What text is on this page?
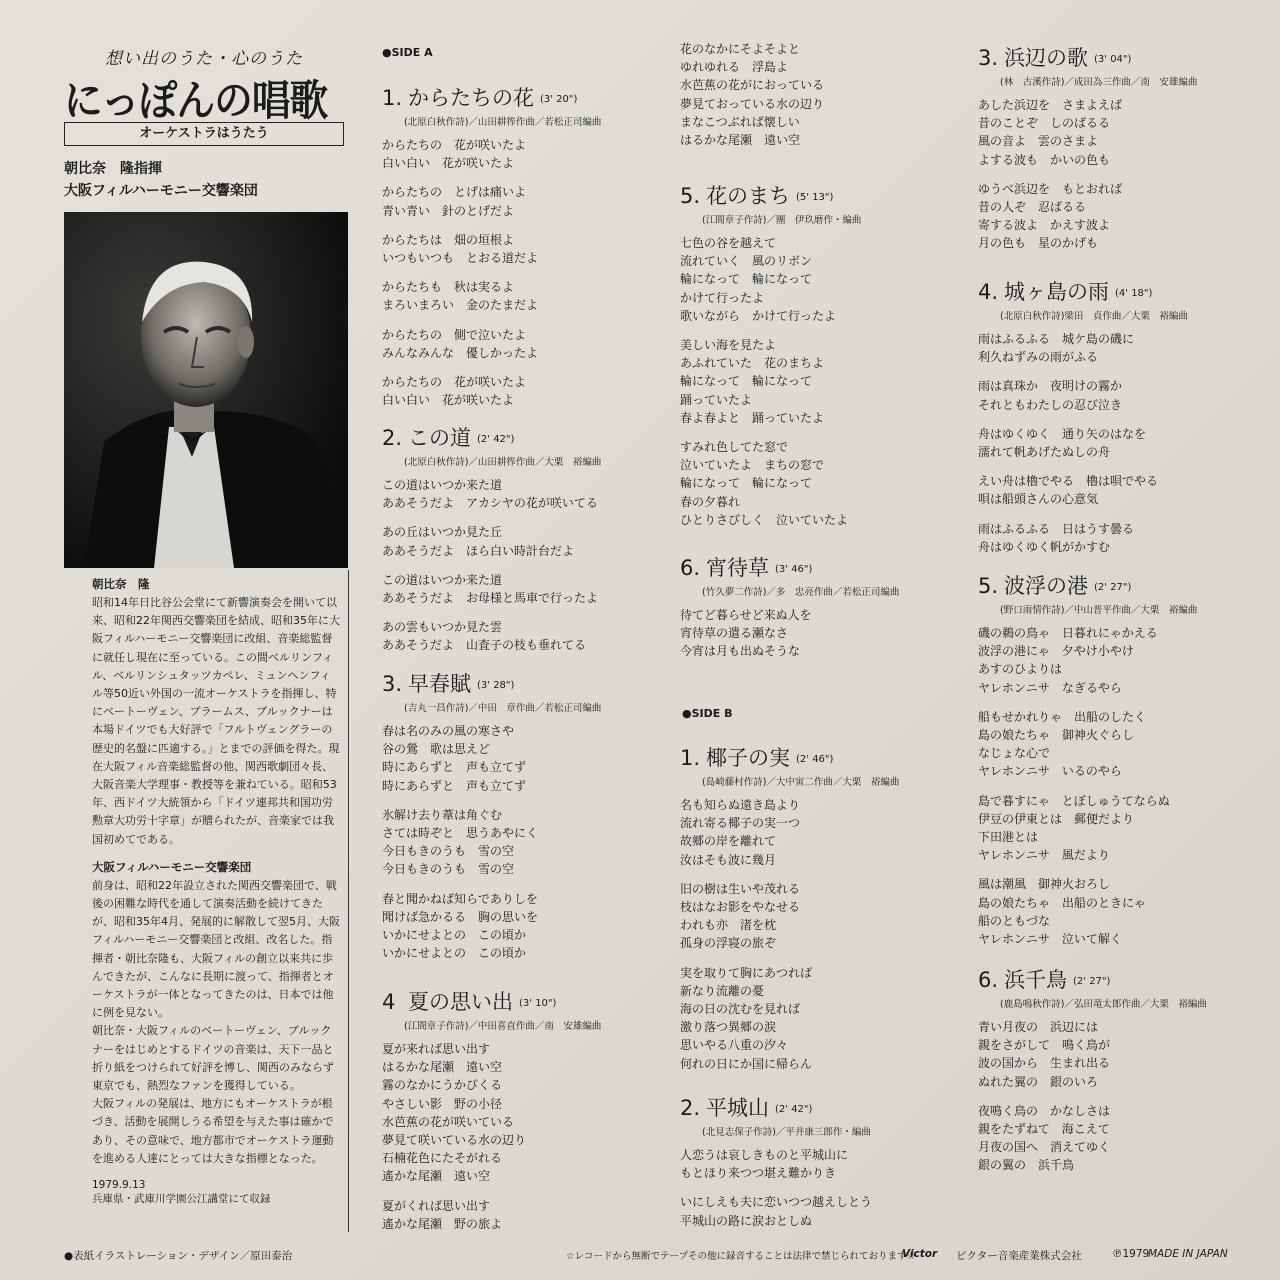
想い出のうた・心のうた
にっぽんの唱歌
オーケストラはうたう
朝比奈　隆指揮
大阪フィルハーモニー交響楽団
朝比奈　隆

昭和14年日比谷公会堂にて新響演奏会を開いて以来、昭和22年関西交響楽団を結成、昭和35年に大阪フィルハーモニー交響楽団に改組、音楽総監督に就任し現在に至っている。この間ベルリンフィル、ベルリンシュタッツカペレ、ミュンヘンフィル等50近い外国の一流オーケストラを指揮し、特にベートーヴェン、ブラームス、ブルックナーは本場ドイツでも大好評で「フルトヴェングラーの歴史的名盤に匹適する。」とまでの評価を得た。現在大阪フィル音楽総監督の他、関西歌劇団々長、大阪音楽大学理事・教授等を兼ねている。昭和53年、西ドイツ大統領から「ドイツ連邦共和国功労勲章大功労十字章」が贈られたが、音楽家では我国初めてである。

大阪フィルハーモニー交響楽団

前身は、昭和22年設立された関西交響楽団で、戦後の困難な時代を通して演奏活動を続けてきたが、昭和35年4月、発展的に解散して翌5月、大阪フィルハーモニー交響楽団と改組、改名した。指揮者・朝比奈隆も、大阪フィルの創立以来共に歩んできたが、こんなに長期に渡って、指揮者とオーケストラが一体となってきたのは、日本では他に例を見ない。

朝比奈・大阪フィルのベートーヴェン、ブルックナーをはじめとするドイツの音楽は、天下一品と折り紙をつけられて好評を博し、関西のみならず東京でも、熱烈なファンを獲得している。

大阪フィルの発展は、地方にもオーケストラが根づき、活動を展開しうる希望を与えた事は確かであり、その意味で、地方都市でオーケストラ運動を進める人達にとっては大きな指標となった。

1979.9.13
兵庫県・武庫川学園公江講堂にて収録
●SIDE A
●SIDE B
1. からたちの花 (3' 20")
(北原白秋作詩)／山田耕筰作曲／若松正司編曲
からたちの　花が咲いたよ
白い白い　花が咲いたよ
からたちの　とげは痛いよ
青い青い　針のとげだよ
からたちは　畑の垣根よ
いつもいつも　とおる道だよ
からたちも　秋は実るよ
まろいまろい　金のたまだよ
からたちの　側で泣いたよ
みんなみんな　優しかったよ
からたちの　花が咲いたよ
白い白い　花が咲いたよ
2. この道 (2' 42")
(北原白秋作詩)／山田耕筰作曲／大栗　裕編曲
この道はいつか来た道
ああそうだよ　アカシヤの花が咲いてる
あの丘はいつか見た丘
ああそうだよ　ほら白い時計台だよ
この道はいつか来た道
ああそうだよ　お母様と馬車で行ったよ
あの雲もいつか見た雲
ああそうだよ　山査子の枝も垂れてる
3. 早春賦 (3' 28")
(吉丸一昌作詩)／中田　章作曲／若松正司編曲
春は名のみの風の寒さや
谷の鶯　歌は思えど
時にあらずと　声も立てず
時にあらずと　声も立てず
氷解け去り葦は角ぐむ
さては時ぞと　思うあやにく
今日もきのうも　雪の空
今日もきのうも　雪の空
春と聞かねば知らでありしを
聞けば急かるる　胸の思いを
いかにせよとの　この頃か
いかにせよとの　この頃か
4 夏の思い出 (3' 10")
(江間章子作詩)／中田喜直作曲／南　安雄編曲
夏が来れば思い出す
はるかな尾瀬　遠い空
霧のなかにうかびくる
やさしい影　野の小径
水芭蕉の花が咲いている
夢見て咲いている水の辺り
石楠花色にたそがれる
遙かな尾瀬　遠い空
夏がくれば思い出す
遙かな尾瀬　野の旅よ
花のなかにそよそよと
ゆれゆれる　浮島よ
水芭蕉の花がにおっている
夢見ておっている水の辺り
まなこつぶれば懐しい
はるかな尾瀬　遠い空
5. 花のまち (5' 13")
(江間章子作詩)／團　伊玖磨作・編曲
七色の谷を越えて
流れていく　風のリボン
輪になって　輪になって
かけて行ったよ
歌いながら　かけて行ったよ
美しい海を見たよ
あふれていた　花のまちよ
輪になって　輪になって
踊っていたよ
春よ春よと　踊っていたよ
すみれ色してた窓で
泣いていたよ　まちの窓で
輪になって　輪になって
春の夕暮れ
ひとりさびしく　泣いていたよ
6. 宵待草 (3' 46")
(竹久夢二作詩)／多　忠亮作曲／若松正司編曲
待てど暮らせど来ぬ人を
宵待草の遣る瀬なさ
今宵は月も出ぬそうな
1. 椰子の実 (2' 46")
(島崎藤村作詩)／大中寅二作曲／大栗　裕編曲
名も知らぬ遠き島より
流れ寄る椰子の実一つ
故郷の岸を離れて
汝はそも波に幾月
旧の樹は生いや茂れる
枝はなお影をやなせる
われも亦　渚を枕
孤身の浮寝の旅ぞ
実を取りて胸にあつれば
新なり流離の憂
海の日の沈むを見れば
激り落つ異郷の涙
思いやる八重の汐々
何れの日にか国に帰らん
2. 平城山 (2' 42")
(北見志保子作詩)／平井康三郎作・編曲
人恋うは哀しきものと平城山に
もとほり来つつ堪え難かりき
いにしえも夫に恋いつつ越えしとう
平城山の路に涙おとしぬ
3. 浜辺の歌 (3' 04")
(林　古溪作詩)／成田為三作曲／南　安雄編曲
あした浜辺を　さまよえば
昔のことぞ　しのばるる
風の音よ　雲のさまよ
よする波も　かいの色も
ゆうべ浜辺を　もとおれば
昔の人ぞ　忍ばるる
寄する波よ　かえす波よ
月の色も　星のかげも
4. 城ヶ島の雨 (4' 18")
(北原白秋作詩)梁田　貞作曲／大栗　裕編曲
雨はふるふる　城ケ島の磯に
利久ねずみの雨がふる
雨は真珠か　夜明けの霧か
それともわたしの忍び泣き
舟はゆくゆく　通り矢のはなを
濡れて帆あげたぬしの舟
えい舟は櫓でやる　櫓は唄でやる
唄は船頭さんの心意気
雨はふるふる　日はうす曇る
舟はゆくゆく帆がかすむ
5. 波浮の港 (2' 27")
(野口雨情作詩)／中山晋平作曲／大栗　裕編曲
磯の鵜の鳥ゃ　日暮れにゃかえる
波浮の港にゃ　夕やけ小やけ
あすのひよりは
ヤレホンニサ　なぎるやら
船もせかれりゃ　出船のしたく
島の娘たちゃ　御神火ぐらし
なじょな心で
ヤレホンニサ　いるのやら
島で暮すにゃ　とぼしゅうてならぬ
伊豆の伊東とは　郵便だより
下田港とは
ヤレホンニサ　風だより
風は潮風　御神火おろし
島の娘たちゃ　出船のときにゃ
船のともづな
ヤレホンニサ　泣いて解く
6. 浜千鳥 (2' 27")
(鹿島鳴秋作詩)／弘田竜太郎作曲／大栗　裕編曲
青い月夜の　浜辺には
親をさがして　鳴く鳥が
波の国から　生まれ出る
ぬれた翼の　銀のいろ
夜鳴く鳥の　かなしさは
親をたずねて　海こえて
月夜の国へ　消えてゆく
銀の翼の　浜千鳥
●表紙イラストレーション・デザイン／原田泰治	☆レコードから無断でテープその他に録音することは法律で禁じられております☆
Victor ビクター音楽産業株式会社	℗1979
MADE IN JAPAN
